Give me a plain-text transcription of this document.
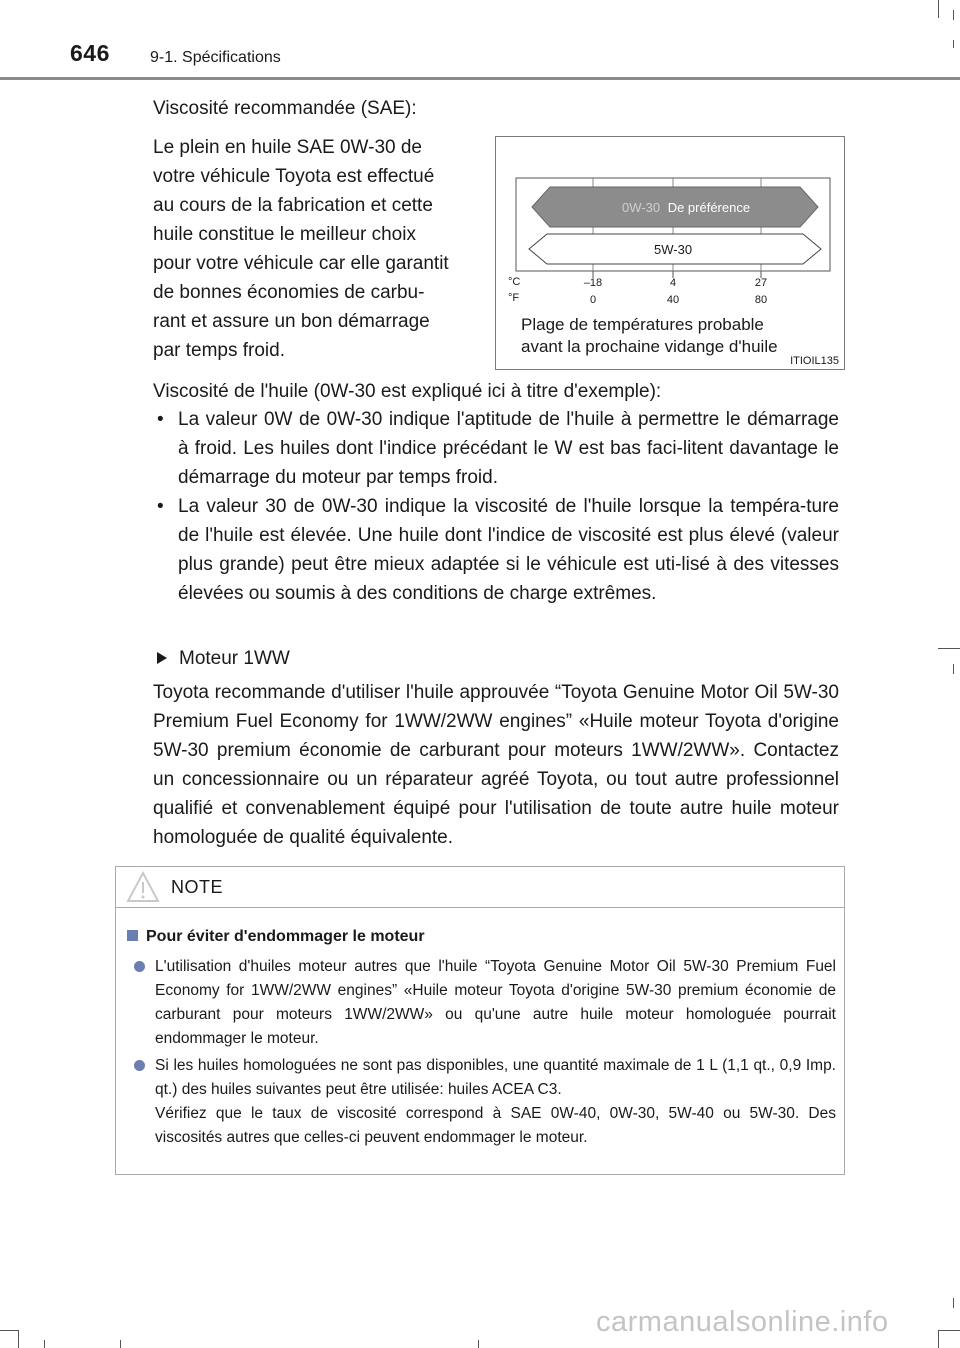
646	9-1. Spécifications
Viscosité recommandée (SAE):
Le plein en huile SAE 0W-30 de
votre véhicule Toyota est effectué
au cours de la fabrication et cette
huile constitue le meilleur choix
pour votre véhicule car elle garantit
de bonnes économies de carbu-
rant et assure un bon démarrage
par temps froid.
0W-30 De préférence
5W-30
°C
°F
–18	4	27
0	40	80
Plage de températures probable
avant la prochaine vidange d'huile
ITIOIL135
Viscosité de l'huile (0W-30 est expliqué ici à titre d'exemple):
• La valeur 0W de 0W-30 indique l'aptitude de l'huile à permettre le démarrage à froid. Les huiles dont l'indice précédant le W est bas faci-litent davantage le démarrage du moteur par temps froid.
• La valeur 30 de 0W-30 indique la viscosité de l'huile lorsque la tempéra-ture de l'huile est élevée. Une huile dont l'indice de viscosité est plus élevé (valeur plus grande) peut être mieux adaptée si le véhicule est uti-lisé à des vitesses élevées ou soumis à des conditions de charge extrêmes.
Moteur 1WW
Toyota recommande d'utiliser l'huile approuvée “Toyota Genuine Motor Oil 5W-30 Premium Fuel Economy for 1WW/2WW engines” «Huile moteur Toyota d'origine 5W-30 premium économie de carburant pour moteurs 1WW/2WW». Contactez un concessionnaire ou un réparateur agréé Toyota, ou tout autre professionnel qualifié et convenablement équipé pour l'utilisation de toute autre huile moteur homologuée de qualité équivalente.
NOTE
Pour éviter d'endommager le moteur
L'utilisation d'huiles moteur autres que l'huile “Toyota Genuine Motor Oil 5W-30 Premium Fuel Economy for 1WW/2WW engines” «Huile moteur Toyota d'origine 5W-30 premium économie de carburant pour moteurs 1WW/2WW» ou qu'une autre huile moteur homologuée pourrait endommager le moteur.
Si les huiles homologuées ne sont pas disponibles, une quantité maximale de 1 L (1,1 qt., 0,9 Imp. qt.) des huiles suivantes peut être utilisée: huiles ACEA C3.
Vérifiez que le taux de viscosité correspond à SAE 0W-40, 0W-30, 5W-40 ou 5W-30. Des viscosités autres que celles-ci peuvent endommager le moteur.
carmanualsonline.info
